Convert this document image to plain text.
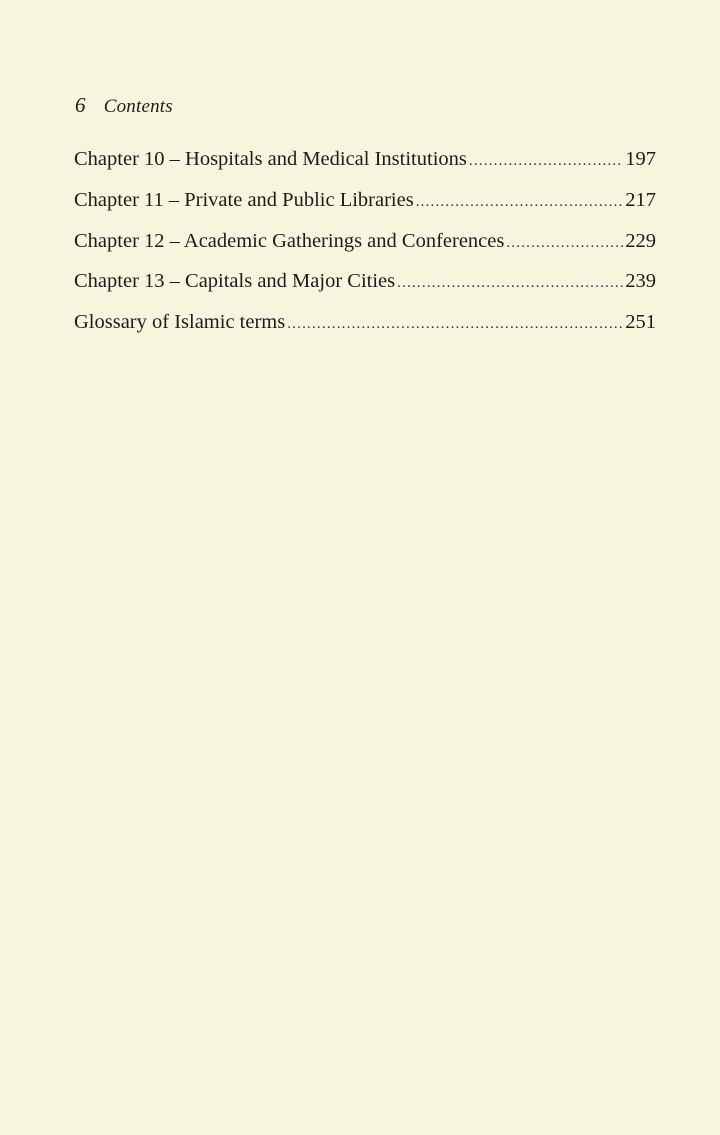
6 Contents
Chapter 10 – Hospitals and Medical Institutions .....	197
Chapter 11 – Private and Public Libraries .....	217
Chapter 12 – Academic Gatherings and Conferences .....	229
Chapter 13 – Capitals and Major Cities .....	239
Glossary of Islamic terms .....	251
